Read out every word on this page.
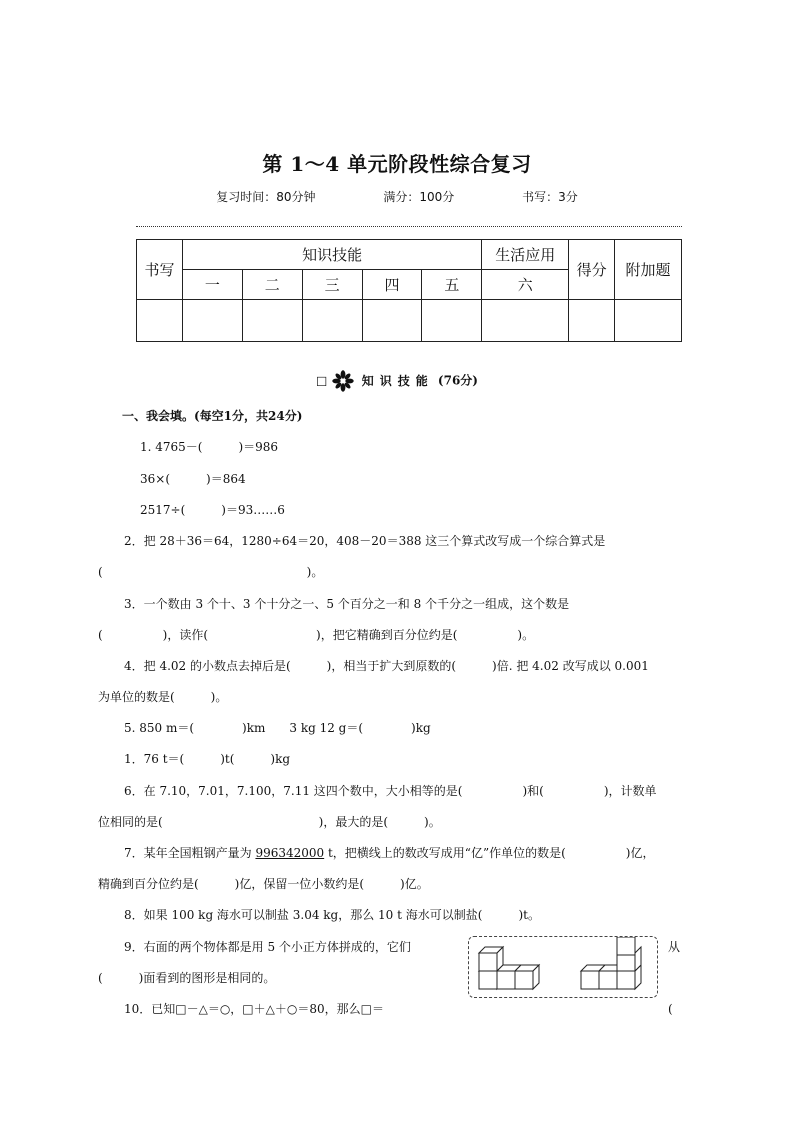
第 1～4 单元阶段性综合复习
复习时间：80分钟	满分：100分	书写：3分
书写	知识技能					生活应用	得分	附加题
	一	二	三	四	五	六		

□	知识技能 (76分)
一、我会填。(每空1分，共24分)
1. 4765－(　　　)＝986
36×(　　　)＝864
2517÷(　　　)＝93……6
2．把 28＋36＝64，1280÷64＝20，408－20＝388 这三个算式改写成一个综合算式是
(　　　　　　　　　　　　　　　　　)。
3．一个数由 3 个十、3 个十分之一、5 个百分之一和 8 个千分之一组成，这个数是
(　　　　　)，读作(　　　　　　　　　)，把它精确到百分位约是(　　　　　)。
4．把 4.02 的小数点去掉后是(　　　)，相当于扩大到原数的(　　　)倍. 把 4.02 改写成以 0.001
为单位的数是(　　　)。
5. 850 m＝(　　　　)km　　3 kg 12 g＝(　　　　)kg
1．76 t＝(　　　)t(　　　)kg
6．在 7.10，7.01，7.100，7.11 这四个数中，大小相等的是(　　　　　)和(　　　　　)，计数单
位相同的是(　　　　　　　　　　　　　)，最大的是(　　　)。
7．某年全国粗钢产量为 996342000 t，把横线上的数改写成用“亿”作单位的数是(　　　　　)亿，
精确到百分位约是(　　　)亿，保留一位小数约是(　　　)亿。
8．如果 100 kg 海水可以制盐 3.04 kg，那么 10 t 海水可以制盐(　　　)t。
9．右面的两个物体都是用 5 个小正方体拼成的，它们	从
(　　　)面看到的图形是相同的。
10．已知□－△＝○，□＋△＋○＝80，那么□＝	(
